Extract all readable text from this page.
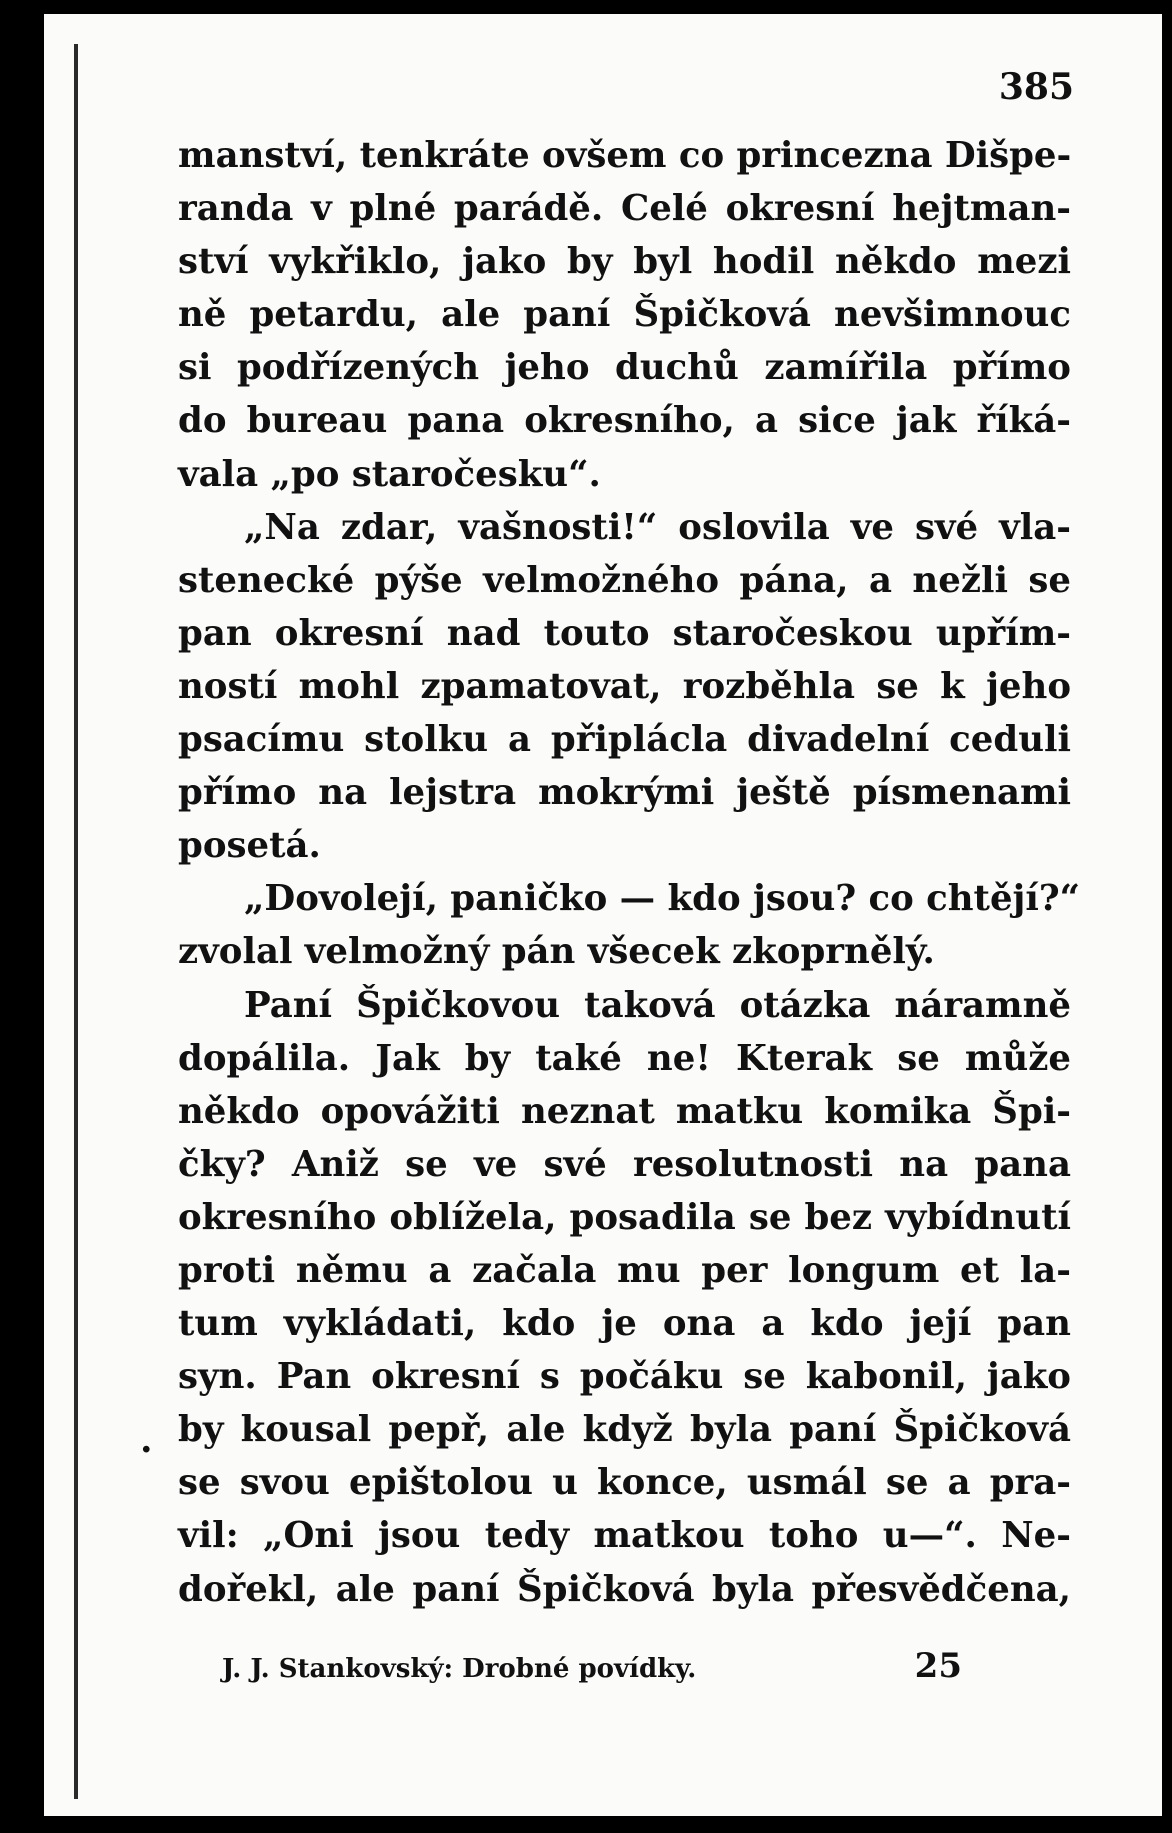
385
manství, tenkráte ovšem co princezna Dišpe-
randa v plné parádě. Celé okresní hejtman-
ství vykřiklo, jako by byl hodil někdo mezi
ně petardu, ale paní Špičková nevšimnouc
si podřízených jeho duchů zamířila přímo
do bureau pana okresního, a sice jak říká-
vala „po staročesku“.
„Na zdar, vašnosti!“ oslovila ve své vla-
stenecké pýše velmožného pána, a nežli se
pan okresní nad touto staročeskou upřím-
ností mohl zpamatovat, rozběhla se k jeho
psacímu stolku a připlácla divadelní ceduli
přímo na lejstra mokrými ještě písmenami
posetá.
„Dovolejí, paničko — kdo jsou? co chtějí?“
zvolal velmožný pán všecek zkoprnělý.
Paní Špičkovou taková otázka náramně
dopálila. Jak by také ne! Kterak se může
někdo opovážiti neznat matku komika Špi-
čky? Aniž se ve své resolutnosti na pana
okresního oblížela, posadila se bez vybídnutí
proti němu a začala mu per longum et la-
tum vykládati, kdo je ona a kdo její pan
syn. Pan okresní s počáku se kabonil, jako
by kousal pepř, ale když byla paní Špičková
se svou epištolou u konce, usmál se a pra-
vil: „Oni jsou tedy matkou toho u—“. Ne-
dořekl, ale paní Špičková byla přesvědčena,
.
J. J. Stankovský: Drobné povídky.	25
